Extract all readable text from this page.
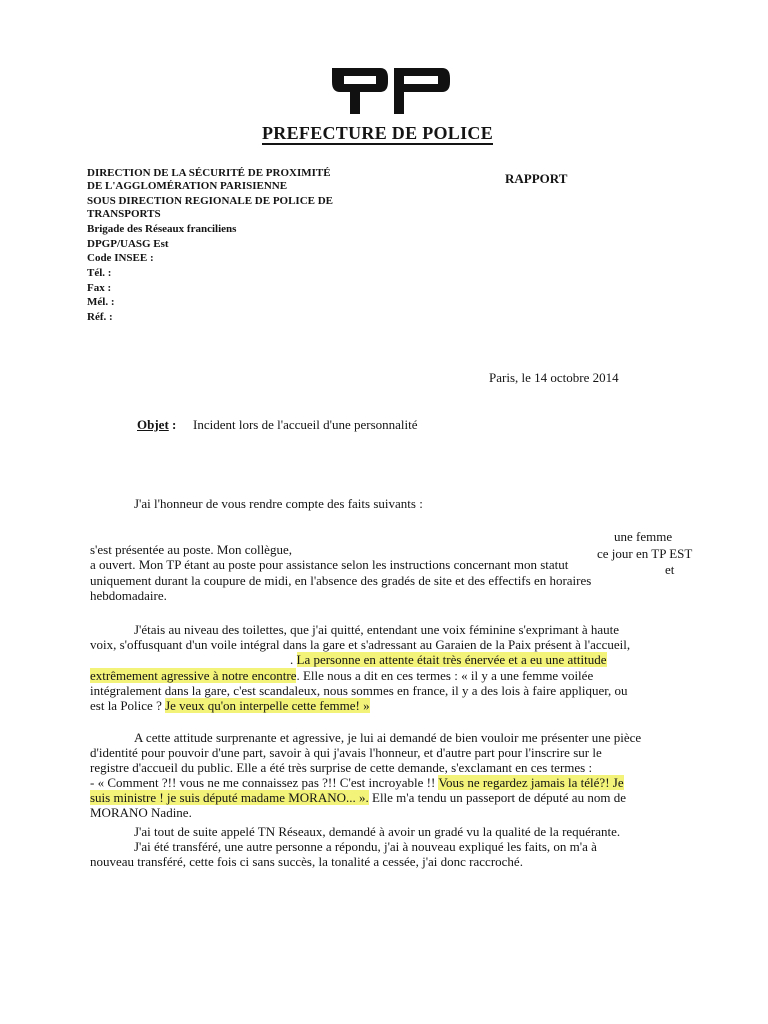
PREFECTURE DE POLICE
DIRECTION DE LA SÉCURITÉ DE PROXIMITÉ
DE L'AGGLOMÉRATION PARISIENNE
SOUS DIRECTION REGIONALE DE POLICE DE
TRANSPORTS
Brigade des Réseaux franciliens
DPGP/UASG Est
Code INSEE :
Tél. :
Fax :
Mél. :
Réf. :
RAPPORT
Paris, le 14 octobre 2014
Objet : Incident lors de l'accueil d'une personnalité
J'ai l'honneur de vous rendre compte des faits suivants :
une femme
s'est présentée au poste. Mon collègue,	ce jour en TP EST
a ouvert. Mon TP étant au poste pour assistance selon les instructions concernant mon statut	et
uniquement durant la coupure de midi, en l'absence des gradés de site et des effectifs en horaires
hebdomadaire.
J'étais au niveau des toilettes, que j'ai quitté, entendant une voix féminine s'exprimant à haute
voix, s'offusquant d'un voile intégral dans la gare et s'adressant au Garaien de la Paix présent à l'accueil,
. La personne en attente était très énervée et a eu une attitude
extrêmement agressive à notre encontre. Elle nous a dit en ces termes : « il y a une femme voilée
intégralement dans la gare, c'est scandaleux, nous sommes en france, il y a des lois à faire appliquer, ou
est la Police ? Je veux qu'on interpelle cette femme! »
A cette attitude surprenante et agressive, je lui ai demandé de bien vouloir me présenter une pièce
d'identité pour pouvoir d'une part, savoir à qui j'avais l'honneur, et d'autre part pour l'inscrire sur le
registre d'accueil du public. Elle a été très surprise de cette demande, s'exclamant en ces termes :
- « Comment ?!! vous ne me connaissez pas ?!! C'est incroyable !! Vous ne regardez jamais la télé?! Je
suis ministre ! je suis député madame MORANO... ». Elle m'a tendu un passeport de député au nom de
MORANO Nadine.
J'ai tout de suite appelé TN Réseaux, demandé à avoir un gradé vu la qualité de la requérante.
J'ai été transféré, une autre personne a répondu, j'ai à nouveau expliqué les faits, on m'a à
nouveau transféré, cette fois ci sans succès, la tonalité a cessée, j'ai donc raccroché.
